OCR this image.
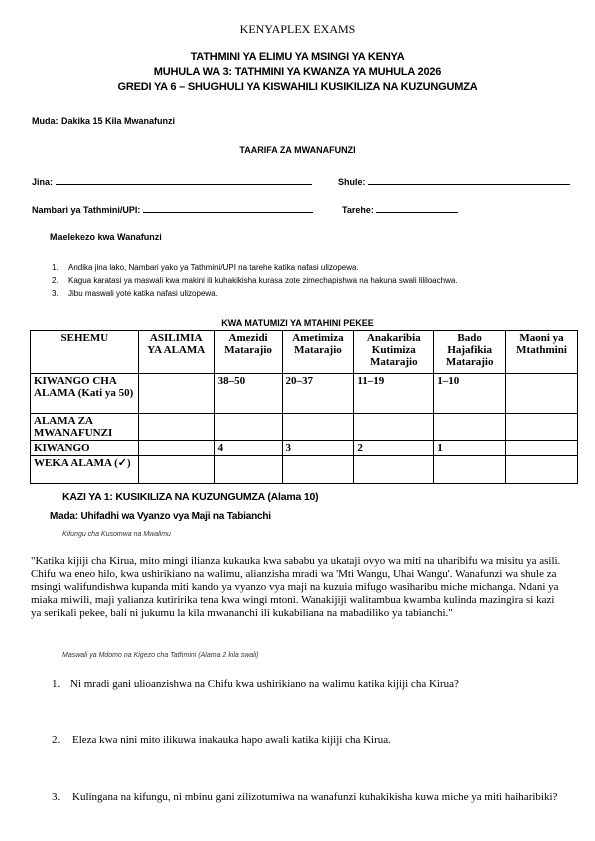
KENYAPLEX EXAMS
TATHMINI YA ELIMU YA MSINGI YA KENYA
MUHULA WA 3: TATHMINI YA KWANZA YA MUHULA 2026
GREDI YA 6 – SHUGHULI YA KISWAHILI KUSIKILIZA NA KUZUNGUMZA
Muda: Dakika 15 Kila Mwanafunzi
TAARIFA ZA MWANAFUNZI
Jina:	Shule:
Nambari ya Tathmini/UPI:	Tarehe:
Maelekezo kwa Wanafunzi
1. Andika jina lako, Nambari yako ya Tathmini/UPI na tarehe katika nafasi ulizopewa.
2. Kagua karatasi ya maswali kwa makini ili kuhakikisha kurasa zote zimechapishwa na hakuna swali lililoachwa.
3. Jibu maswali yote katika nafasi ulizopewa.
KWA MATUMIZI YA MTAHINI PEKEE
SEHEMU	ASILIMIA YA ALAMA	Amezidi Matarajio	Ametimiza Matarajio	Anakaribia Kutimiza Matarajio	Bado Hajafikia Matarajio	Maoni ya Mtathmini
KIWANGO CHA ALAMA (Kati ya 50)		38–50	20–37	11–19	1–10	
ALAMA ZA MWANAFUNZI						
KIWANGO		4	3	2	1	
WEKA ALAMA (✓)						
KAZI YA 1: KUSIKILIZA NA KUZUNGUMZA (Alama 10)
Mada: Uhifadhi wa Vyanzo vya Maji na Tabianchi
Kifungu cha Kusomwa na Mwalimu
"Katika kijiji cha Kirua, mito mingi ilianza kukauka kwa sababu ya ukataji ovyo wa miti na uharibifu wa misitu ya asili. Chifu wa eneo hilo, kwa ushirikiano na walimu, alianzisha mradi wa 'Mti Wangu, Uhai Wangu'. Wanafunzi wa shule za msingi walifundishwa kupanda miti kando ya vyanzo vya maji na kuzuia mifugo wasiharibu miche michanga. Ndani ya miaka miwili, maji yalianza kutiririka tena kwa wingi mtoni. Wanakijiji walitambua kwamba kulinda mazingira si kazi ya serikali pekee, bali ni jukumu la kila mwananchi ili kukabiliana na mabadiliko ya tabianchi."
Maswali ya Mdomo na Kigezo cha Tathmini (Alama 2 kila swali)
1. Ni mradi gani ulioanzishwa na Chifu kwa ushirikiano na walimu katika kijiji cha Kirua?
2. Eleza kwa nini mito ilikuwa inakauka hapo awali katika kijiji cha Kirua.
3. Kulingana na kifungu, ni mbinu gani zilizotumiwa na wanafunzi kuhakikisha kuwa miche ya miti haiharibiki?
